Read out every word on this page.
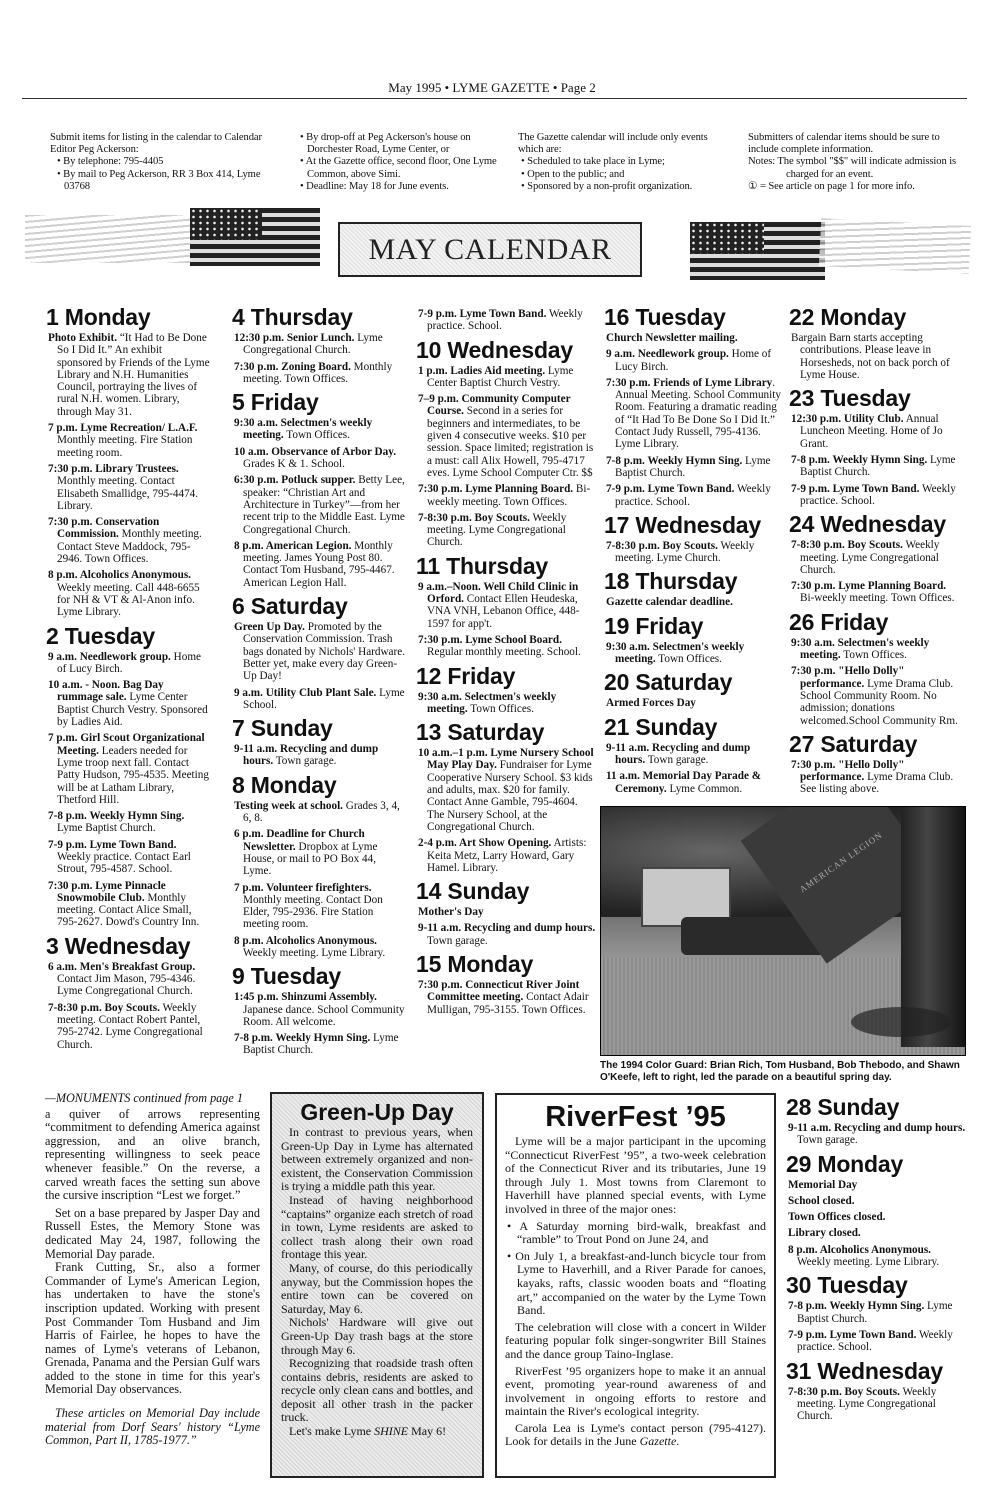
May 1995 • LYME GAZETTE • Page 2
Submit items for listing in the calendar to Calendar Editor Peg Ackerson:
• By telephone: 795-4405
• By mail to Peg Ackerson, RR 3 Box 414, Lyme 03768
• By drop-off at Peg Ackerson's house on Dorchester Road, Lyme Center, or
• At the Gazette office, second floor, One Lyme Common, above Simi.
• Deadline: May 18 for June events.
The Gazette calendar will include only events which are:
• Scheduled to take place in Lyme;
• Open to the public; and
• Sponsored by a non-profit organization.
Submitters of calendar items should be sure to include complete information.
Notes: The symbol "$$" will indicate admission is charged for an event.
① = See article on page 1 for more info.
MAY CALENDAR
1 Monday
Photo Exhibit. “It Had to Be Done So I Did It.” An exhibit sponsored by Friends of the Lyme Library and N.H. Humanities Council, portraying the lives of rural N.H. women. Library, through May 31.
7 p.m. Lyme Recreation/ L.A.F. Monthly meeting. Fire Station meeting room.
7:30 p.m. Library Trustees. Monthly meeting. Contact Elisabeth Smallidge, 795-4474. Library.
7:30 p.m. Conservation Commission. Monthly meeting. Contact Steve Maddock, 795-2946. Town Offices.
8 p.m. Alcoholics Anonymous. Weekly meeting. Call 448-6655 for NH & VT & Al-Anon info. Lyme Library.
2 Tuesday
9 a.m. Needlework group. Home of Lucy Birch.
10 a.m. - Noon. Bag Day rummage sale. Lyme Center Baptist Church Vestry. Sponsored by Ladies Aid.
7 p.m. Girl Scout Organizational Meeting. Leaders needed for Lyme troop next fall. Contact Patty Hudson, 795-4535. Meeting will be at Latham Library, Thetford Hill.
7-8 p.m. Weekly Hymn Sing. Lyme Baptist Church.
7-9 p.m. Lyme Town Band. Weekly practice. Contact Earl Strout, 795-4587. School.
7:30 p.m. Lyme Pinnacle Snowmobile Club. Monthly meeting. Contact Alice Small, 795-2627. Dowd's Country Inn.
3 Wednesday
6 a.m. Men's Breakfast Group. Contact Jim Mason, 795-4346. Lyme Congregational Church.
7-8:30 p.m. Boy Scouts. Weekly meeting. Contact Robert Pantel, 795-2742. Lyme Congregational Church.
4 Thursday
12:30 p.m. Senior Lunch. Lyme Congregational Church.
7:30 p.m. Zoning Board. Monthly meeting. Town Offices.
5 Friday
9:30 a.m. Selectmen's weekly meeting. Town Offices.
10 a.m. Observance of Arbor Day. Grades K & 1. School.
6:30 p.m. Potluck supper. Betty Lee, speaker: “Christian Art and Architecture in Turkey”—from her recent trip to the Middle East. Lyme Congregational Church.
8 p.m. American Legion. Monthly meeting. James Young Post 80. Contact Tom Husband, 795-4467. American Legion Hall.
6 Saturday
Green Up Day. Promoted by the Conservation Commission. Trash bags donated by Nichols' Hardware. Better yet, make every day Green-Up Day!
9 a.m. Utility Club Plant Sale. Lyme School.
7 Sunday
9-11 a.m. Recycling and dump hours. Town garage.
8 Monday
Testing week at school. Grades 3, 4, 6, 8.
6 p.m. Deadline for Church Newsletter. Dropbox at Lyme House, or mail to PO Box 44, Lyme.
7 p.m. Volunteer firefighters. Monthly meeting. Contact Don Elder, 795-2936. Fire Station meeting room.
8 p.m. Alcoholics Anonymous. Weekly meeting. Lyme Library.
9 Tuesday
1:45 p.m. Shinzumi Assembly. Japanese dance. School Community Room. All welcome.
7-8 p.m. Weekly Hymn Sing. Lyme Baptist Church.
7-9 p.m. Lyme Town Band. Weekly practice. School.
10 Wednesday
1 p.m. Ladies Aid meeting. Lyme Center Baptist Church Vestry.
7–9 p.m. Community Computer Course. Second in a series for beginners and intermediates, to be given 4 consecutive weeks. $10 per session. Space limited; registration is a must: call Alix Howell, 795-4717 eves. Lyme School Computer Ctr. $$
7:30 p.m. Lyme Planning Board. Bi-weekly meeting. Town Offices.
7-8:30 p.m. Boy Scouts. Weekly meeting. Lyme Congregational Church.
11 Thursday
9 a.m.–Noon. Well Child Clinic in Orford. Contact Ellen Heudeska, VNA VNH, Lebanon Office, 448-1597 for app't.
7:30 p.m. Lyme School Board. Regular monthly meeting. School.
12 Friday
9:30 a.m. Selectmen's weekly meeting. Town Offices.
13 Saturday
10 a.m.–1 p.m. Lyme Nursery School May Play Day. Fundraiser for Lyme Cooperative Nursery School. $3 kids and adults, max. $20 for family. Contact Anne Gamble, 795-4604. The Nursery School, at the Congregational Church.
2-4 p.m. Art Show Opening. Artists: Keita Metz, Larry Howard, Gary Hamel. Library.
14 Sunday
Mother's Day
9-11 a.m. Recycling and dump hours. Town garage.
15 Monday
7:30 p.m. Connecticut River Joint Committee meeting. Contact Adair Mulligan, 795-3155. Town Offices.
16 Tuesday
Church Newsletter mailing.
9 a.m. Needlework group. Home of Lucy Birch.
7:30 p.m. Friends of Lyme Library. Annual Meeting. School Community Room. Featuring a dramatic reading of “It Had To Be Done So I Did It.” Contact Judy Russell, 795-4136. Lyme Library.
7-8 p.m. Weekly Hymn Sing. Lyme Baptist Church.
7-9 p.m. Lyme Town Band. Weekly practice. School.
17 Wednesday
7-8:30 p.m. Boy Scouts. Weekly meeting. Lyme Church.
18 Thursday
Gazette calendar deadline.
19 Friday
9:30 a.m. Selectmen's weekly meeting. Town Offices.
20 Saturday
Armed Forces Day
21 Sunday
9-11 a.m. Recycling and dump hours. Town garage.
11 a.m. Memorial Day Parade & Ceremony. Lyme Common.
22 Monday
Bargain Barn starts accepting contributions. Please leave in Horsesheds, not on back porch of Lyme House.
23 Tuesday
12:30 p.m. Utility Club. Annual Luncheon Meeting. Home of Jo Grant.
7-8 p.m. Weekly Hymn Sing. Lyme Baptist Church.
7-9 p.m. Lyme Town Band. Weekly practice. School.
24 Wednesday
7-8:30 p.m. Boy Scouts. Weekly meeting. Lyme Congregational Church.
7:30 p.m. Lyme Planning Board. Bi-weekly meeting. Town Offices.
26 Friday
9:30 a.m. Selectmen's weekly meeting. Town Offices.
7:30 p.m. "Hello Dolly" performance. Lyme Drama Club. School Community Room. No admission; donations welcomed.School Community Rm.
27 Saturday
7:30 p.m. "Hello Dolly" performance. Lyme Drama Club. See listing above.
28 Sunday
9-11 a.m. Recycling and dump hours. Town garage.
29 Monday
Memorial Day
School closed.
Town Offices closed.
Library closed.
8 p.m. Alcoholics Anonymous. Weekly meeting. Lyme Library.
30 Tuesday
7-8 p.m. Weekly Hymn Sing. Lyme Baptist Church.
7-9 p.m. Lyme Town Band. Weekly practice. School.
31 Wednesday
7-8:30 p.m. Boy Scouts. Weekly meeting. Lyme Congregational Church.
AMERICAN LEGION
The 1994 Color Guard: Brian Rich, Tom Husband, Bob Thebodo, and Shawn O'Keefe, left to right, led the parade on a beautiful spring day.
—MONUMENTS continued from page 1

a quiver of arrows representing “commitment to defending America against aggression, and an olive branch, representing willingness to seek peace whenever feasible.” On the reverse, a carved wreath faces the setting sun above the cursive inscription “Lest we forget.”

Set on a base prepared by Jasper Day and Russell Estes, the Memory Stone was dedicated May 24, 1987, following the Memorial Day parade.

Frank Cutting, Sr., also a former Commander of Lyme's American Legion, has undertaken to have the stone's inscription updated. Working with present Post Commander Tom Husband and Jim Harris of Fairlee, he hopes to have the names of Lyme's veterans of Lebanon, Grenada, Panama and the Persian Gulf wars added to the stone in time for this year's Memorial Day observances.

These articles on Memorial Day include material from Dorf Sears' history “Lyme Common, Part II, 1785-1977.”

Green-Up Day

In contrast to previous years, when Green-Up Day in Lyme has alternated between extremely organized and non-existent, the Conservation Commission is trying a middle path this year.

Instead of having neighborhood “captains” organize each stretch of road in town, Lyme residents are asked to collect trash along their own road frontage this year.

Many, of course, do this periodically anyway, but the Commission hopes the entire town can be covered on Saturday, May 6.

Nichols' Hardware will give out Green-Up Day trash bags at the store through May 6.

Recognizing that roadside trash often contains debris, residents are asked to recycle only clean cans and bottles, and deposit all other trash in the packer truck.

Let's make Lyme SHINE May 6!

RiverFest ’95

Lyme will be a major participant in the upcoming “Connecticut RiverFest ’95”, a two-week celebration of the Connecticut River and its tributaries, June 19 through July 1. Most towns from Claremont to Haverhill have planned special events, with Lyme involved in three of the major ones:

• A Saturday morning bird-walk, breakfast and “ramble” to Trout Pond on June 24, and
• On July 1, a breakfast-and-lunch bicycle tour from Lyme to Haverhill, and a River Parade for canoes, kayaks, rafts, classic wooden boats and “floating art,” accompanied on the water by the Lyme Town Band.

The celebration will close with a concert in Wilder featuring popular folk singer-songwriter Bill Staines and the dance group Taino-Inglase.

RiverFest ’95 organizers hope to make it an annual event, promoting year-round awareness of and involvement in ongoing efforts to restore and maintain the River's ecological integrity.

Carola Lea is Lyme's contact person (795-4127). Look for details in the June Gazette.
